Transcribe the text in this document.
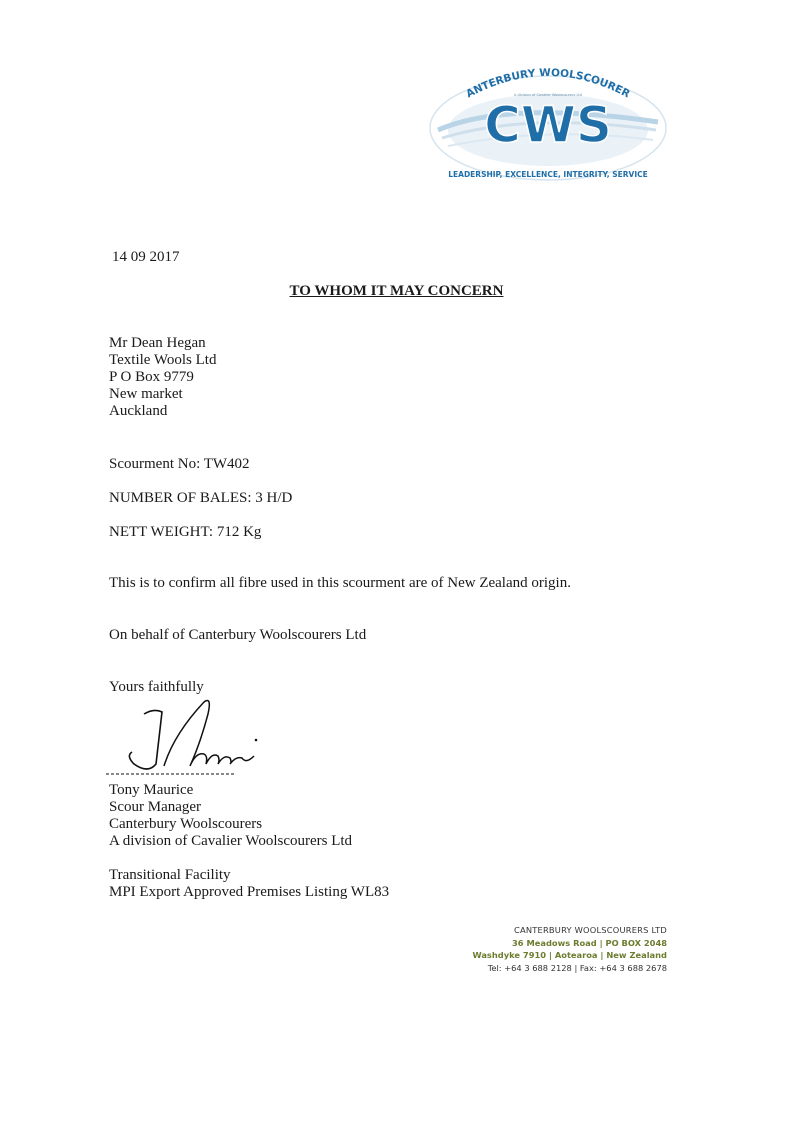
ANTERBURY WOOLSCOURER
A division of Cavalier Woolscourers Ltd
CWS
LEADERSHIP, EXCELLENCE, INTEGRITY, SERVICE
14 09 2017
TO WHOM IT MAY CONCERN
Mr Dean Hegan
Textile Wools Ltd
P O Box 9779
New market
Auckland
Scourment No: TW402
NUMBER OF BALES: 3 H/D
NETT WEIGHT: 712 Kg
This is to confirm all fibre used in this scourment are of New Zealand origin.
On behalf of Canterbury Woolscourers Ltd
Yours faithfully
Tony Maurice
Scour Manager
Canterbury Woolscourers
A division of Cavalier Woolscourers Ltd
Transitional Facility
MPI Export Approved Premises Listing WL83
CANTERBURY WOOLSCOURERS LTD
36 Meadows Road | PO BOX 2048
Washdyke 7910 | Aotearoa | New Zealand
Tel: +64 3 688 2128 | Fax: +64 3 688 2678
